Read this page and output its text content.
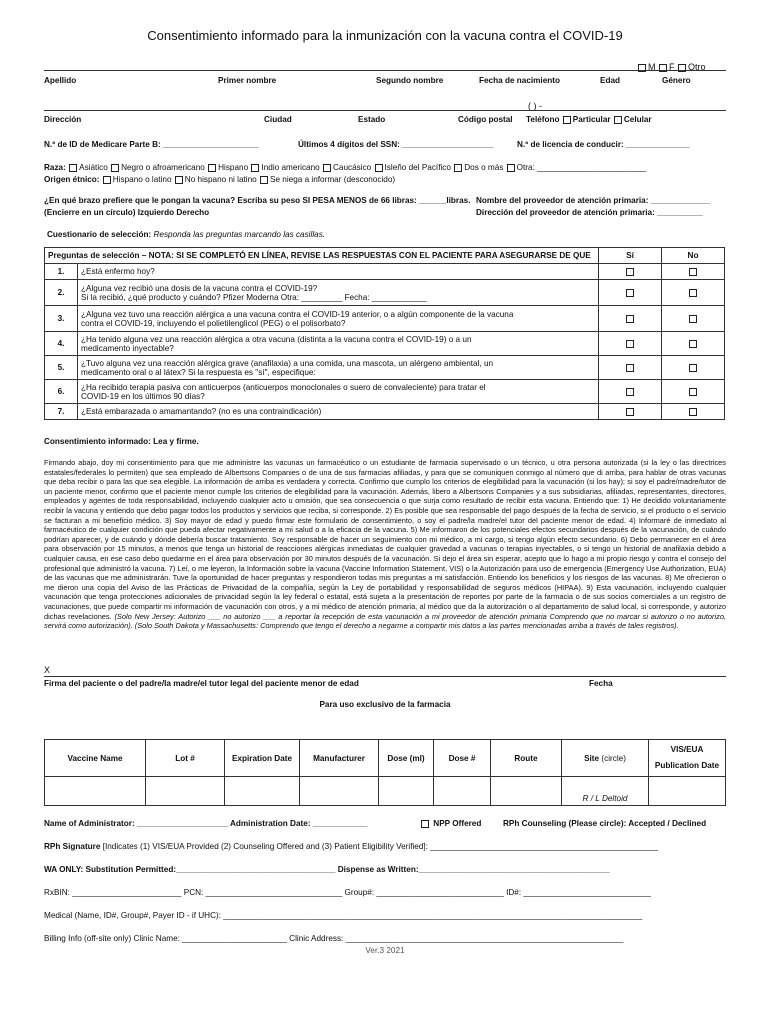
Consentimiento informado para la inmunización con la vacuna contra el COVID-19
M F Otro
Apellido	Primer nombre	Segundo nombre	Fecha de nacimiento	Edad	Género
( ) -
Dirección	Ciudad	Estado	Código postal Teléfono Particular Celular
N.º de ID de Medicare Parte B: _____________________	Últimos 4 dígitos del SSN: ____________________	N.º de licencia de conducir: ______________
Raza: Asiático Negro o afroamericano Hispano Indio americano Caucásico Isleño del Pacífico Dos o más Otra: ________________________
Origen étnico: Hispano o latino No hispano ni latino Se niega a informar (desconocido)
¿En qué brazo prefiere que le pongan la vacuna? Escriba su peso SI PESA MENOS de 66 libras: ______libras.
(Encierre en un círculo) Izquierdo Derecho
Nombre del proveedor de atención primaria: _____________
Dirección del proveedor de atención primaria: __________
Cuestionario de selección: Responda las preguntas marcando las casillas.
Preguntas de selección – NOTA: SI SE COMPLETÓ EN LÍNEA, REVISE LAS RESPUESTAS CON EL PACIENTE PARA ASEGURARSE DE QUE		Sí	No
1.	¿Está enfermo hoy?		
2.	¿Alguna vez recibió una dosis de la vacuna contra el COVID-19?
Si la recibió, ¿qué producto y cuándo? Pfizer Moderna Otra: _________ Fecha: ____________		
3.	¿Alguna vez tuvo una reacción alérgica a una vacuna contra el COVID-19 anterior, o a algún componente de la vacuna
contra el COVID-19, incluyendo el polietilenglicol (PEG) o el polisorbato?		
4.	¿Ha tenido alguna vez una reacción alérgica a otra vacuna (distinta a la vacuna contra el COVID-19) o a un
medicamento inyectable?		
5.	¿Tuvo alguna vez una reacción alérgica grave (anafilaxia) a una comida, una mascota, un alérgeno ambiental, un
medicamento oral o al látex? Si la respuesta es "sí", especifique:		
6.	¿Ha recibido terapia pasiva con anticuerpos (anticuerpos monoclonales o suero de convaleciente) para tratar el
COVID-19 en los últimos 90 días?		
7.	¿Está embarazada o amamantando? (no es una contraindicación)		
Consentimiento informado: Lea y firme.
Firmando abajo, doy mi consentimiento para que me administre las vacunas un farmacéutico o un estudiante de farmacia supervisado o un técnico, u otra persona autorizada (si la ley o las directrices estatales/federales lo permiten) que sea empleado de Albertsons Companies o de una de sus farmacias afiliadas, y para que se comuniquen conmigo al número que di arriba, para hablar de otras vacunas que deba recibir o para las que sea elegible. La información de arriba es verdadera y correcta. Confirmo que cumplo los criterios de elegibilidad para la vacunación (si los hay); si soy el padre/madre/tutor de un paciente menor, confirmo que el paciente menor cumple los criterios de elegibilidad para la vacunación. Además, libero a Albertsons Companies y a sus subsidiarias, afiliadas, representantes, directores, empleados y agentes de toda responsabilidad, incluyendo cualquier acto u omisión, que sea consecuencia o que surja como resultado de recibir esta vacuna. Entiendo que: 1) He decidido voluntariamente recibir la vacuna y entiendo que debo pagar todos los productos y servicios que reciba, si corresponde. 2) Es posible que sea responsable del pago después de la fecha de servicio, si el producto o el servicio se facturan a mi beneficio médico. 3) Soy mayor de edad y puedo firmar este formulario de consentimiento, o soy el padre/la madre/el tutor del paciente menor de edad. 4) Informaré de inmediato al farmacéutico de cualquier condición que pueda afectar negativamente a mi salud o a la eficacia de la vacuna. 5) Me informaron de los potenciales efectos secundarios después de la vacunación, de cuándo podrían aparecer, y de cuándo y dónde debería buscar tratamiento. Soy responsable de hacer un seguimiento con mi médico, a mi cargo, si tengo algún efecto secundario. 6) Debo permanecer en el área para observación por 15 minutos, a menos que tenga un historial de reacciones alérgicas inmediatas de cualquier gravedad a vacunas o terapias inyectables, o si tengo un historial de anafilaxia debido a cualquier causa, en ese caso debo quedarme en el área para observación por 30 minutos después de la vacunación. Si dejo el área sin esperar, acepto que lo hago a mi propio riesgo y contra el consejo del profesional que administró la vacuna. 7) Leí, o me leyeron, la Información sobre la vacuna (Vaccine Information Statement, VIS) o la Autorización para uso de emergencia (Emergency Use Authorization, EUA) de las vacunas que me administrarán. Tuve la oportunidad de hacer preguntas y respondieron todas mis preguntas a mi satisfacción. Entiendo los beneficios y los riesgos de las vacunas. 8) Me ofrecieron o me dieron una copia del Aviso de las Prácticas de Privacidad de la compañía, según la Ley de portabilidad y responsabilidad de seguros médicos (HIPAA). 9) Esta vacunación, incluyendo cualquier vacunación que tenga protecciones adicionales de privacidad según la ley federal o estatal, está sujeta a la presentación de reportes por parte de la farmacia o de sus socios comerciales a un registro de vacunaciones, que puede compartir mi información de vacunación con otros, y a mi médico de atención primaria, al médico que da la autorización o al departamento de salud local, si corresponde, y autorizo dichas revelaciones. (Solo New Jersey: Autorizo ___ no autorizo ___ a reportar la recepción de esta vacunación a mi proveedor de atención primaria Comprendo que no marcar si autorizo o no autorizo, servirá como autorización). (Solo South Dakota y Massachusetts: Comprendo que tengo el derecho a negarme a compartir mis datos a las partes mencionadas arriba a través de tales registros).
X
Firma del paciente o del padre/la madre/el tutor legal del paciente menor de edad	Fecha
Para uso exclusivo de la farmacia
Vaccine Name	Lot #	Expiration Date	Manufacturer	Dose (ml)	Dose #	Route	Site (circle)	VIS/EUA Publication Date
							R / L Deltoid	
Name of Administrator: ____________________ Administration Date: ____________	NPP Offered	RPh Counseling (Please circle): Accepted / Declined
RPh Signature [Indicates (1) VIS/EUA Provided (2) Counseling Offered and (3) Patient Eligibility Verified]: __________________________________________________
WA ONLY: Substitution Permitted:___________________________________ Dispense as Written:__________________________________________
RxBIN: ________________________ PCN: ______________________________ Group#: ____________________________ ID#: ____________________________
Medical (Name, ID#, Group#, Payer ID - if UHC): ____________________________________________________________________________________________
Billing Info (off-site only) Clinic Name: _______________________ Clinic Address: _____________________________________________________________
Ver.3 2021
